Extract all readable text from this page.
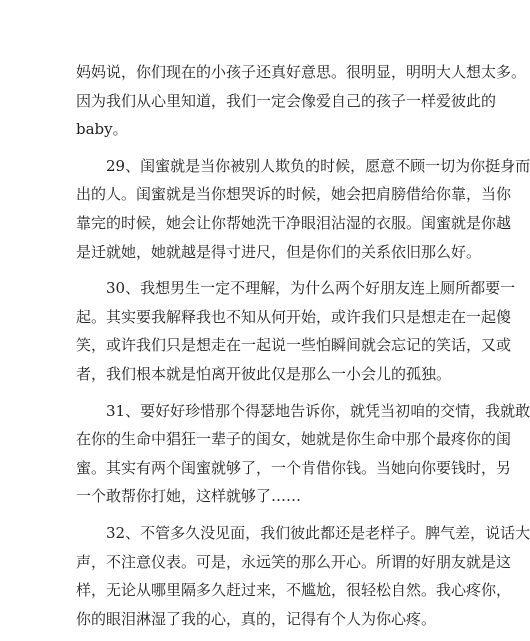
妈妈说，你们现在的小孩子还真好意思。很明显，明明大人想太多。
因为我们从心里知道，我们一定会像爱自己的孩子一样爱彼此的
baby。
29、闺蜜就是当你被别人欺负的时候，愿意不顾一切为你挺身而
出的人。闺蜜就是当你想哭诉的时候，她会把肩膀借给你靠，当你
靠完的时候，她会让你帮她洗干净眼泪沾湿的衣服。闺蜜就是你越
是迁就她，她就越是得寸进尺，但是你们的关系依旧那么好。
30、我想男生一定不理解，为什么两个好朋友连上厕所都要一
起。其实要我解释我也不知从何开始，或许我们只是想走在一起傻
笑，或许我们只是想走在一起说一些怕瞬间就会忘记的笑话，又或
者，我们根本就是怕离开彼此仅是那么一小会儿的孤独。
31、要好好珍惜那个得瑟地告诉你，就凭当初咱的交情，我就敢
在你的生命中猖狂一辈子的闺女，她就是你生命中那个最疼你的闺
蜜。其实有两个闺蜜就够了，一个肯借你钱。当她向你要钱时，另
一个敢帮你打她，这样就够了……
32、不管多久没见面，我们彼此都还是老样子。脾气差，说话大
声，不注意仪表。可是，永远笑的那么开心。所谓的好朋友就是这
样，无论从哪里隔多久赶过来，不尴尬，很轻松自然。我心疼你，
你的眼泪淋湿了我的心，真的，记得有个人为你心疼。
